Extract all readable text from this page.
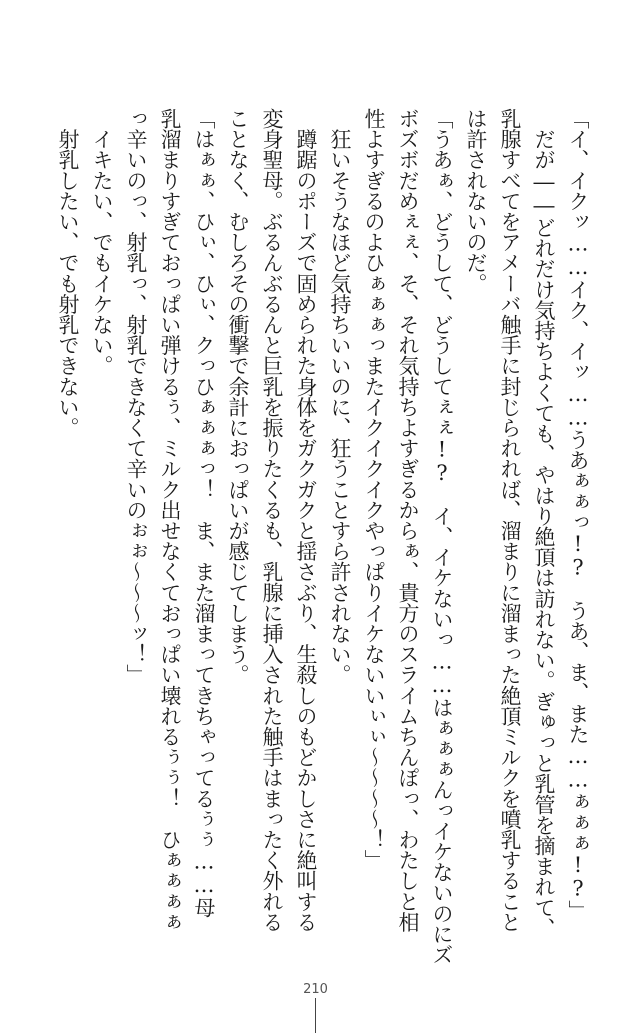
「イ、イクッ……イク、イッ……うあぁぁっ!?　うあ、ま、また……ぁぁぁ!?」
　だが――どれだけ気持ちよくても、やはり絶頂は訪れない。ぎゅっと乳管を摘まれて、
乳腺すべてをアメーバ触手に封じられれば、溜まりに溜まった絶頂ミルクを噴乳すること
は許されないのだ。
「うあぁ、どうして、どうしてぇぇ!?　イ、イケないっ……はぁぁぁんっイケないのにズ
ボズボだめぇぇ、そ、それ気持ちよすぎるからぁ、貴方のスライムちんぽっ、わたしと相
性よすぎるのよひぁぁぁっまたイクイクイクやっぱりイケないいぃぃ～～～～！」
　狂いそうなほど気持ちいいのに、狂うことすら許されない。
　蹲踞のポーズで固められた身体をガクガクと揺さぶり、生殺しのもどかしさに絶叫する
変身聖母。ぶるんぶるんと巨乳を振りたくるも、乳腺に挿入された触手はまったく外れる
ことなく、むしろその衝撃で余計におっぱいが感じてしまう。
「はぁぁ、ひぃ、ひぃ、クっひぁぁぁっ！　ま、また溜まってきちゃってるぅぅ……母
乳溜まりすぎておっぱい弾けるぅ、ミルク出せなくておっぱい壊れるぅぅ！　ひぁぁぁぁ
っ辛いのっ、射乳っ、射乳できなくて辛いのぉぉ～～～ッ！」
　イキたい、でもイケない。
　射乳したい、でも射乳できない。
210
